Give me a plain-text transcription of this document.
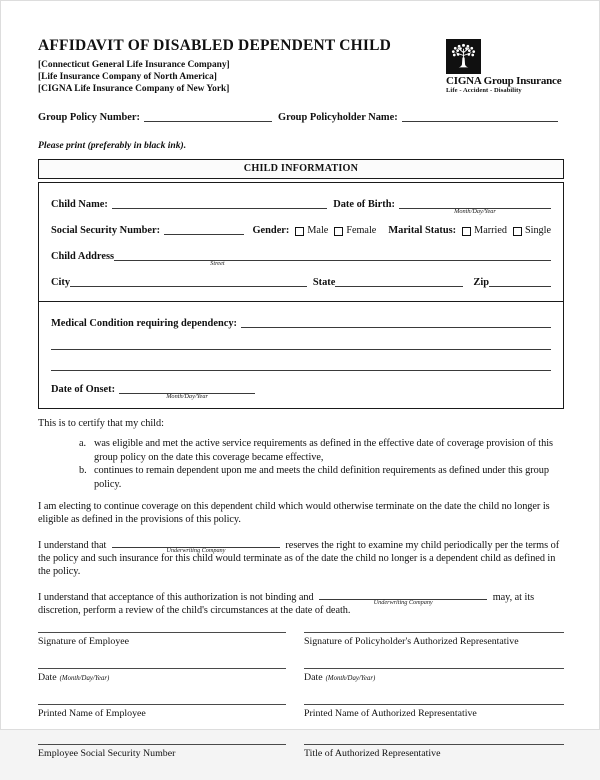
AFFIDAVIT OF DISABLED DEPENDENT CHILD
[Connecticut General Life Insurance Company]
[Life Insurance Company of North America]
[CIGNA Life Insurance Company of New York]
CIGNA Group Insurance
Life - Accident - Disability
Group Policy Number:	Group Policyholder Name:
Please print (preferably in black ink).
CHILD INFORMATION
Child Name:	Date of Birth:
Month/Day/Year
Social Security Number:	Gender: Male Female Marital Status: Married Single
Child Address
Street
City	State	Zip
Medical Condition requiring dependency:
Date of Onset:
Month/Day/Year
This is to certify that my child:
a. was eligible and met the active service requirements as defined in the effective date of coverage provision of this group policy on the date this coverage became effective,
b. continues to remain dependent upon me and meets the child definition requirements as defined under this group policy.

I am electing to continue coverage on this dependent child which would otherwise terminate on the date the child no longer is eligible as defined in the provisions of this policy.

I understand that	Underwriting Company	reserves the right to examine my child periodically per the terms of the policy and such insurance for this child would terminate as of the date the child no longer is a dependent child as defined in the policy.

I understand that acceptance of this authorization is not binding and	Underwriting Company	may, at its discretion, perform a review of the child's circumstances at the date of death.

Signature of Employee	Signature of Policyholder's Authorized Representative
Date (Month/Day/Year)	Date (Month/Day/Year)
Printed Name of Employee	Printed Name of Authorized Representative
Employee Social Security Number	Title of Authorized Representative
